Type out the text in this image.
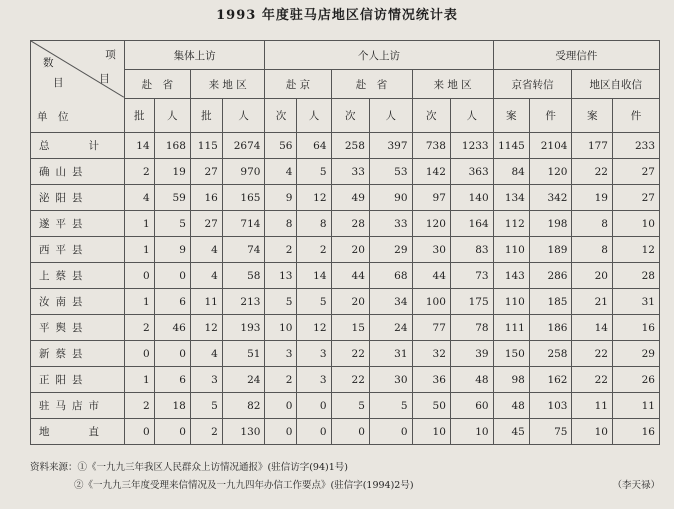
1993 年度驻马店地区信访情况统计表
项
目
数
目
单　位	集体上访				个人上访						受理信件			
	赴　省		来 地 区		赴 京		赴　省		来 地 区		京省转信		地区自收信	
	批	人	批	人	次	人	次	人	次	人	案	件	案	件
总　　计	14	168	115	2674	56	64	258	397	738	1233	1145	2104	177	233
确山县	2	19	27	970	4	5	33	53	142	363	84	120	22	27
泌阳县	4	59	16	165	9	12	49	90	97	140	134	342	19	27
遂平县	1	5	27	714	8	8	28	33	120	164	112	198	8	10
西平县	1	9	4	74	2	2	20	29	30	83	110	189	8	12
上蔡县	0	0	4	58	13	14	44	68	44	73	143	286	20	28
汝南县	1	6	11	213	5	5	20	34	100	175	110	185	21	31
平舆县	2	46	12	193	10	12	15	24	77	78	111	186	14	16
新蔡县	0	0	4	51	3	3	22	31	32	39	150	258	22	29
正阳县	1	6	3	24	2	3	22	30	36	48	98	162	22	26
驻马店市	2	18	5	82	0	0	5	5	50	60	48	103	11	11
地　　直	0	0	2	130	0	0	0	0	10	10	45	75	10	16
资料来源：①《一九九三年我区人民群众上访情况通报》(驻信访字(94)1号)
②《一九九三年度受理来信情况及一九九四年办信工作要点》(驻信字(1994)2号)	（李天禄）
